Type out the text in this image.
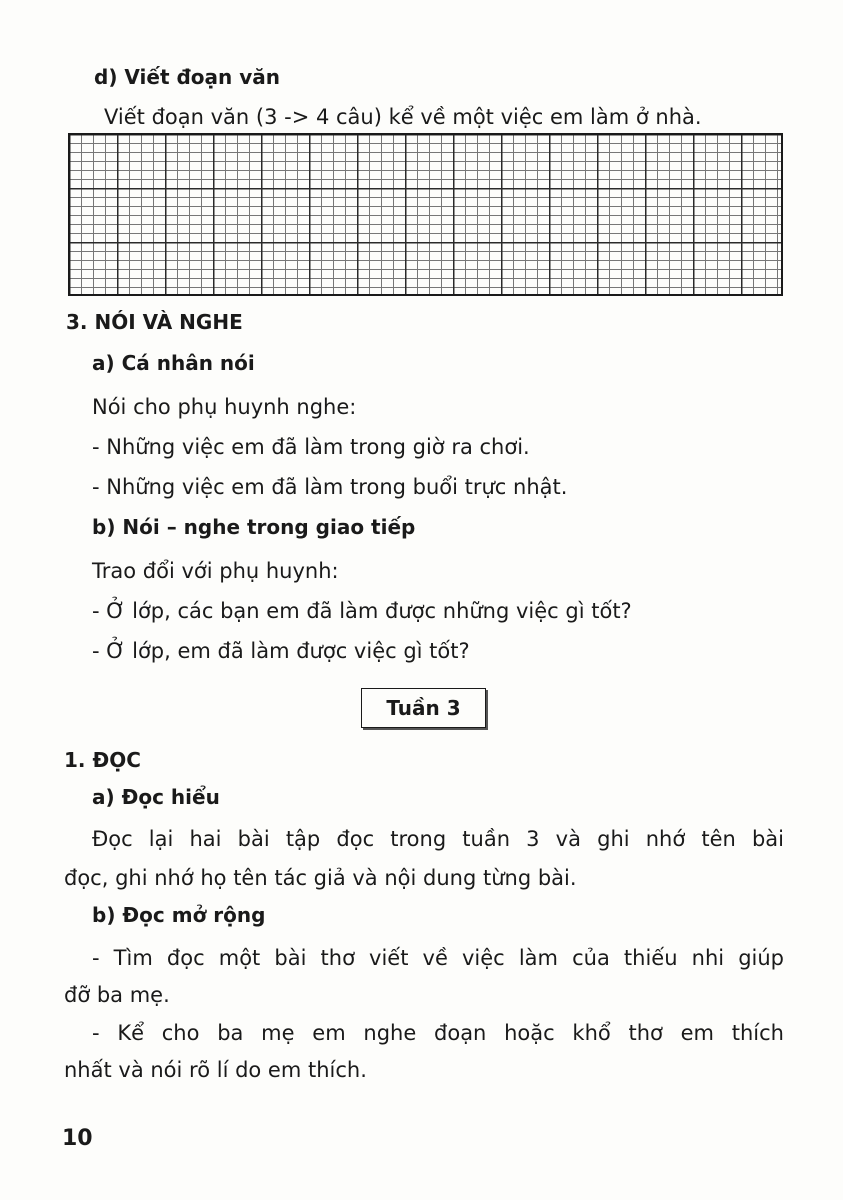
d) Viết đoạn văn
Viết đoạn văn (3 -> 4 câu) kể về một việc em làm ở nhà.
3. NÓI VÀ NGHE
a) Cá nhân nói
Nói cho phụ huynh nghe:
- Những việc em đã làm trong giờ ra chơi.
- Những việc em đã làm trong buổi trực nhật.
b) Nói – nghe trong giao tiếp
Trao đổi với phụ huynh:
- Ở lớp, các bạn em đã làm được những việc gì tốt?
- Ở lớp, em đã làm được việc gì tốt?
Tuần 3
1. ĐỌC
a) Đọc hiểu
Đọc lại hai bài tập đọc trong tuần 3 và ghi nhớ tên bài
đọc, ghi nhớ họ tên tác giả và nội dung từng bài.
b) Đọc mở rộng
- Tìm đọc một bài thơ viết về việc làm của thiếu nhi giúp
đỡ ba mẹ.
- Kể cho ba mẹ em nghe đoạn hoặc khổ thơ em thích
nhất và nói rõ lí do em thích.
10
